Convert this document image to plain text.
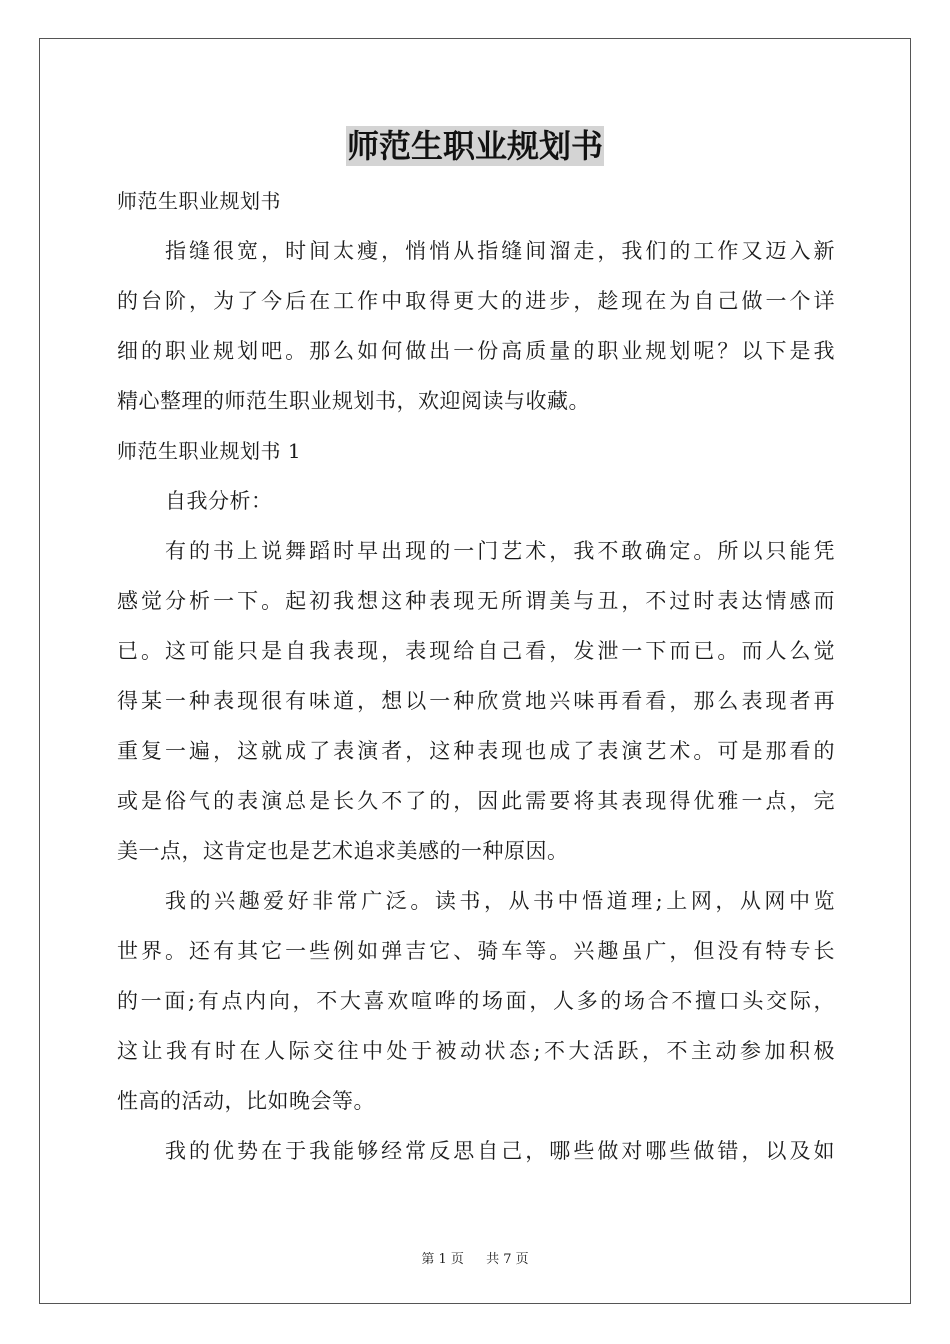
师范生职业规划书
师范生职业规划书
指缝很宽，时间太瘦，悄悄从指缝间溜走，我们的工作又迈入新
的台阶，为了今后在工作中取得更大的进步，趁现在为自己做一个详
细的职业规划吧。那么如何做出一份高质量的职业规划呢？以下是我
精心整理的师范生职业规划书，欢迎阅读与收藏。
师范生职业规划书 1
自我分析：
有的书上说舞蹈时早出现的一门艺术，我不敢确定。所以只能凭
感觉分析一下。起初我想这种表现无所谓美与丑，不过时表达情感而
已。这可能只是自我表现，表现给自己看，发泄一下而已。而人么觉
得某一种表现很有味道，想以一种欣赏地兴味再看看，那么表现者再
重复一遍，这就成了表演者，这种表现也成了表演艺术。可是那看的
或是俗气的表演总是长久不了的，因此需要将其表现得优雅一点，完
美一点，这肯定也是艺术追求美感的一种原因。
我的兴趣爱好非常广泛。读书，从书中悟道理;上网，从网中览
世界。还有其它一些例如弹吉它、骑车等。兴趣虽广，但没有特专长
的一面;有点内向，不大喜欢喧哗的场面，人多的场合不擅口头交际，
这让我有时在人际交往中处于被动状态;不大活跃，不主动参加积极
性高的活动，比如晚会等。
我的优势在于我能够经常反思自己，哪些做对哪些做错，以及如
第 1 页 共 7 页
